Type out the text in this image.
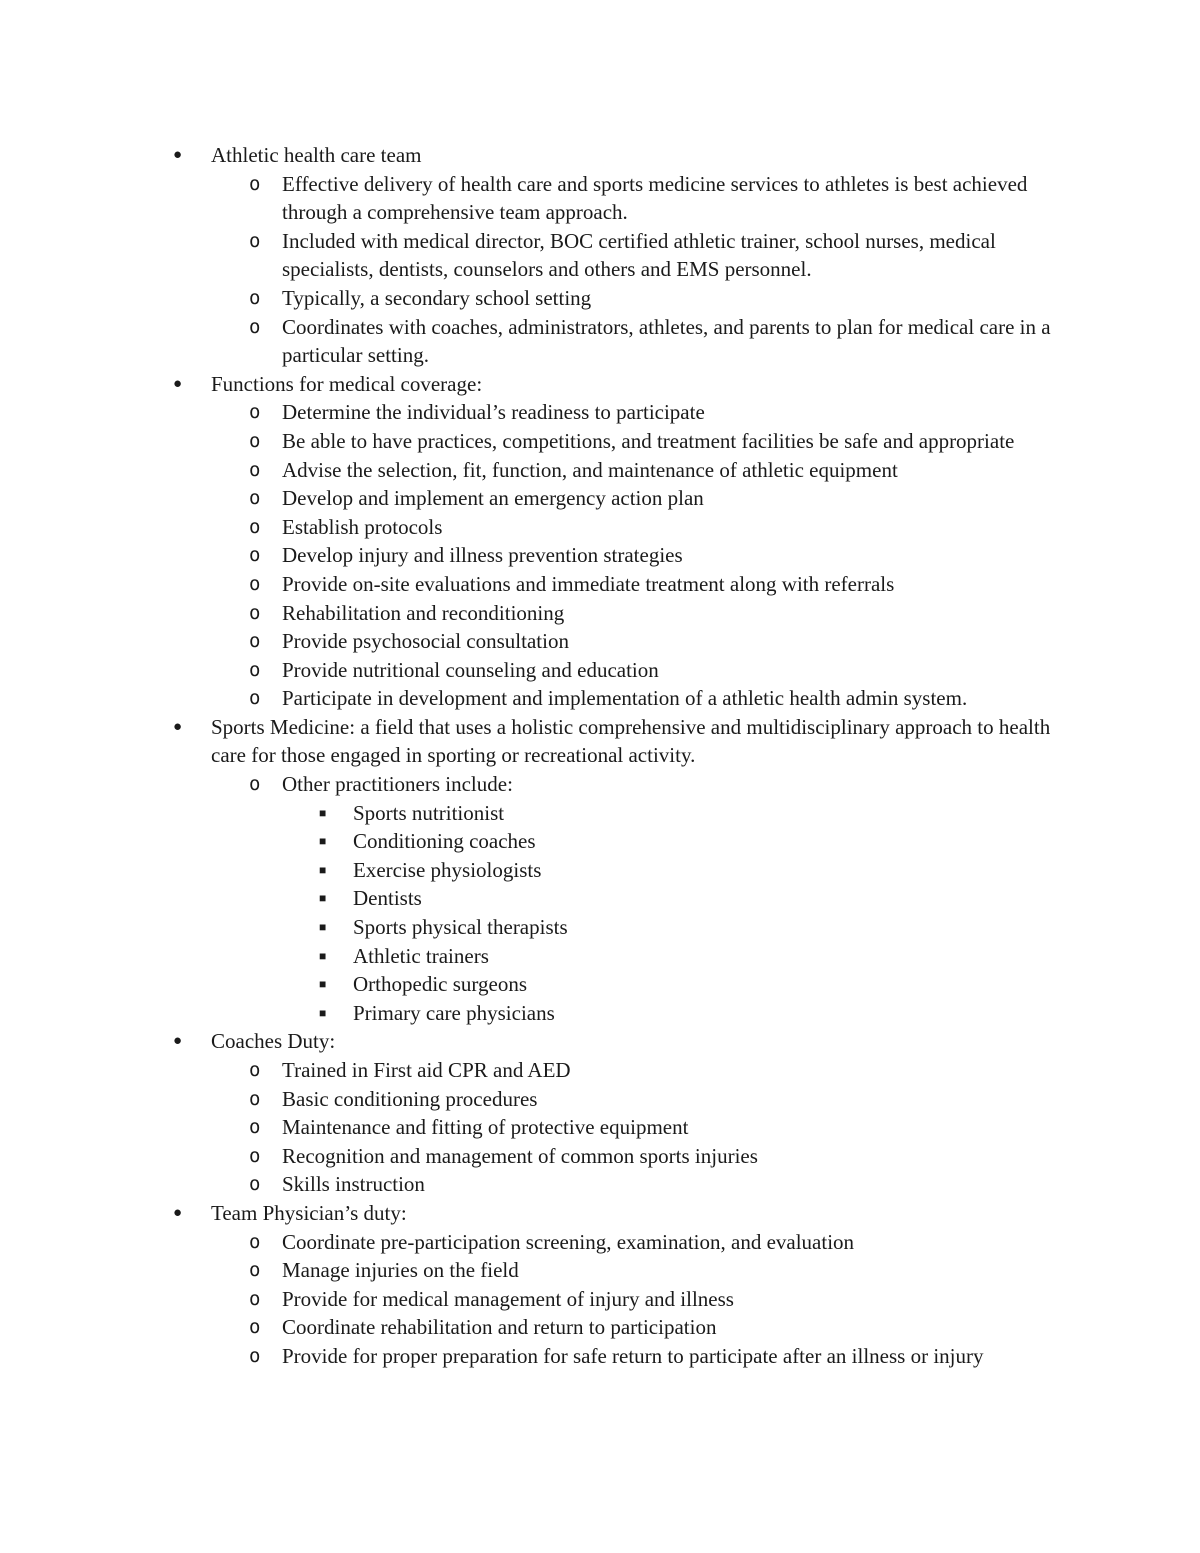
● Athletic health care team
o Effective delivery of health care and sports medicine services to athletes is best achieved through a comprehensive team approach.
o Included with medical director, BOC certified athletic trainer, school nurses, medical specialists, dentists, counselors and others and EMS personnel.
o Typically, a secondary school setting
o Coordinates with coaches, administrators, athletes, and parents to plan for medical care in a particular setting.
● Functions for medical coverage:
o Determine the individual’s readiness to participate
o Be able to have practices, competitions, and treatment facilities be safe and appropriate
o Advise the selection, fit, function, and maintenance of athletic equipment
o Develop and implement an emergency action plan
o Establish protocols
o Develop injury and illness prevention strategies
o Provide on-site evaluations and immediate treatment along with referrals
o Rehabilitation and reconditioning
o Provide psychosocial consultation
o Provide nutritional counseling and education
o Participate in development and implementation of a athletic health admin system.
● Sports Medicine: a field that uses a holistic comprehensive and multidisciplinary approach to health care for those engaged in sporting or recreational activity.
o Other practitioners include:
■ Sports nutritionist
■ Conditioning coaches
■ Exercise physiologists
■ Dentists
■ Sports physical therapists
■ Athletic trainers
■ Orthopedic surgeons
■ Primary care physicians
● Coaches Duty:
o Trained in First aid CPR and AED
o Basic conditioning procedures
o Maintenance and fitting of protective equipment
o Recognition and management of common sports injuries
o Skills instruction
● Team Physician’s duty:
o Coordinate pre-participation screening, examination, and evaluation
o Manage injuries on the field
o Provide for medical management of injury and illness
o Coordinate rehabilitation and return to participation
o Provide for proper preparation for safe return to participate after an illness or injury
